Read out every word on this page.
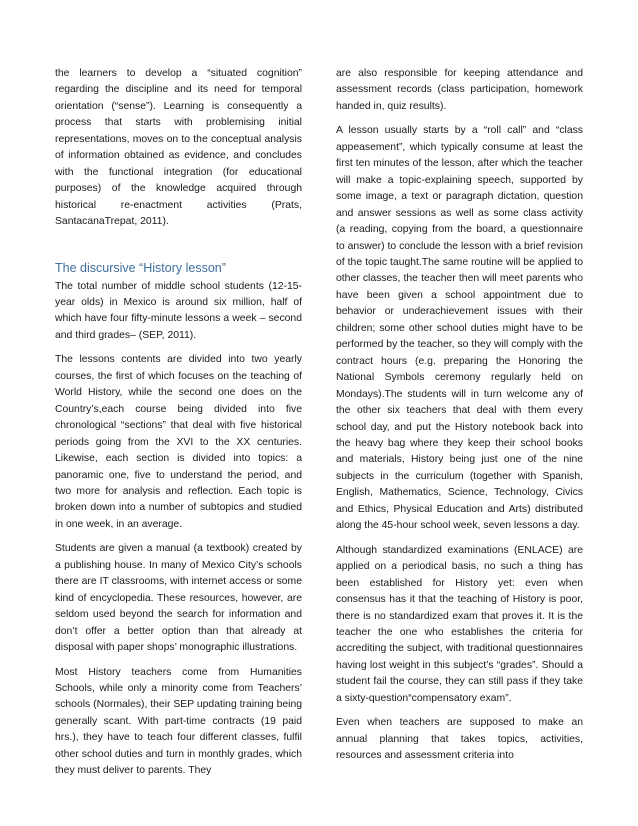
the learners to develop a “situated cognition” regarding the discipline and its need for temporal orientation (“sense”). Learning is consequently a process that starts with problemising initial representations, moves on to the conceptual analysis of information obtained as evidence, and concludes with the functional integration (for educational purposes) of the knowledge acquired through historical re-enactment activities (Prats, SantacanaTrepat, 2011).

The discursive “History lesson”

The total number of middle school students (12-15-year olds) in Mexico is around six million, half of which have four fifty-minute lessons a week – second and third grades– (SEP, 2011).

The lessons contents are divided into two yearly courses, the first of which focuses on the teaching of World History, while the second one does on the Country’s,each course being divided into five chronological “sections” that deal with five historical periods going from the XVI to the XX centuries. Likewise, each section is divided into topics: a panoramic one, five to understand the period, and two more for analysis and reflection. Each topic is broken down into a number of subtopics and studied in one week, in an average.

Students are given a manual (a textbook) created by a publishing house. In many of Mexico City’s schools there are IT classrooms, with internet access or some kind of encyclopedia. These resources, however, are seldom used beyond the search for information and don’t offer a better option than that already at disposal with paper shops’ monographic illustrations.

Most History teachers come from Humanities Schools, while only a minority come from Teachers’ schools (Normales), their SEP updating training being generally scant. With part-time contracts (19 paid hrs.), they have to teach four different classes, fulfil other school duties and turn in monthly grades, which they must deliver to parents. They

are also responsible for keeping attendance and assessment records (class participation, homework handed in, quiz results).

A lesson usually starts by a “roll call” and “class appeasement”, which typically consume at least the first ten minutes of the lesson, after which the teacher will make a topic-explaining speech, supported by some image, a text or paragraph dictation, question and answer sessions as well as some class activity (a reading, copying from the board, a questionnaire to answer) to conclude the lesson with a brief revision of the topic taught.The same routine will be applied to other classes, the teacher then will meet parents who have been given a school appointment due to behavior or underachievement issues with their children; some other school duties might have to be performed by the teacher, so they will comply with the contract hours (e.g. preparing the Honoring the National Symbols ceremony regularly held on Mondays).The students will in turn welcome any of the other six teachers that deal with them every school day, and put the History notebook back into the heavy bag where they keep their school books and materials, History being just one of the nine subjects in the curriculum (together with Spanish, English, Mathematics, Science, Technology, Civics and Ethics, Physical Education and Arts) distributed along the 45-hour school week, seven lessons a day.

Although standardized examinations (ENLACE) are applied on a periodical basis, no such a thing has been established for History yet: even when consensus has it that the teaching of History is poor, there is no standardized exam that proves it. It is the teacher the one who establishes the criteria for accrediting the subject, with traditional questionnaires having lost weight in this subject’s “grades”. Should a student fail the course, they can still pass if they take a sixty-question“compensatory exam”.

Even when teachers are supposed to make an annual planning that takes topics, activities, resources and assessment criteria into
